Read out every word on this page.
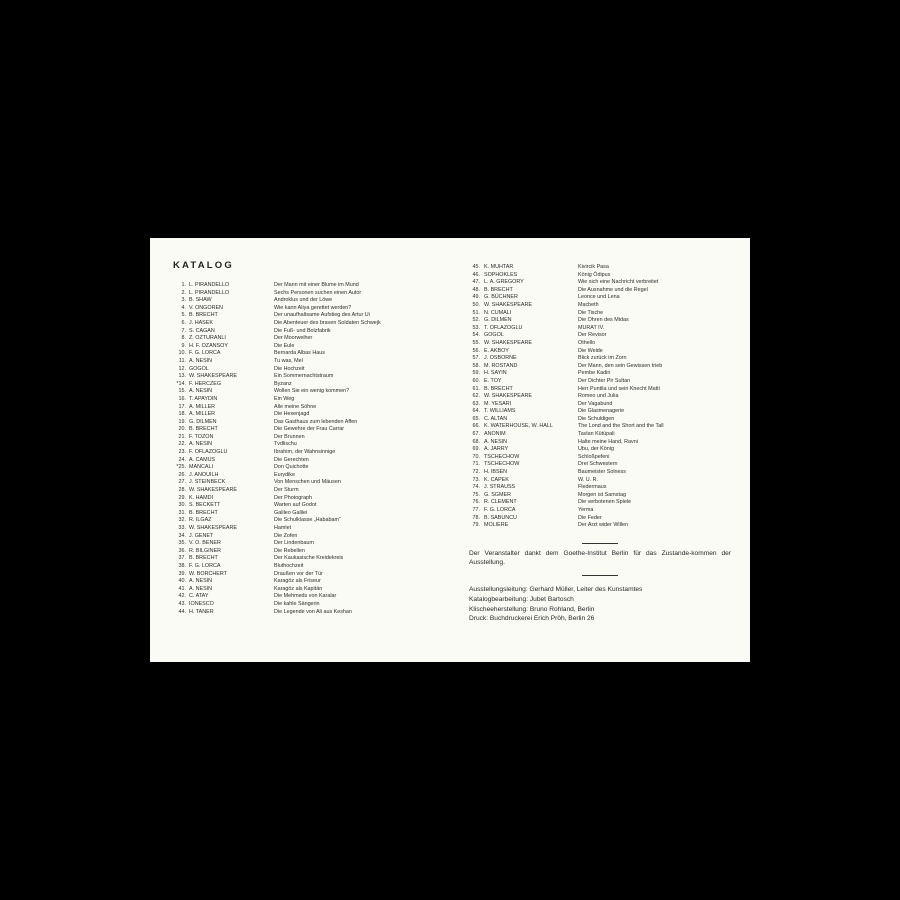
KATALOG
1. L. PIRANDELLO	Der Mann mit einer Blume im Mund
2. L. PIRANDELLO	Sechs Personen suchen einen Autor
3. B. SHAW	Androklus und der Löwe
4. V. ONGOREN	Wie kann Aliya gerettet werden?
5. B. BRECHT	Der unaufhaltsame Aufstieg des Artur Ui
6. J. HASEK	Die Abenteuer des braven Soldaten Schwejk
7. S. CAGAN	Die Fuß- und Bolzfabrik
8. Z. OZTURANLI	Der Moorweiher
9. H. F. OZANSOY	Die Eule
10. F. G. LORCA	Bernarda Albas Haus
11. A. NESIN	Tu was, Mel
12. GOGOL	Die Hochzeit
13. W. SHAKESPEARE	Ein Sommernachtstraum
*14. F. HERCZEG	Byzanz
15. A. NESIN	Wollen Sie ein wenig kommen?
16. T. APAYDIN	Ein Weg
17. A. MILLER	Alle meine Söhne
18. A. MILLER	Die Hexenjagd
19. G. DILMEN	Das Gasthaus zum lebenden Affen
20. B. BRECHT	Die Gewehre der Frau Carrar
21. F. TOZON	Der Brunnen
22. A. NESIN	Tvdlischu
23. F. OFLAZOGLU	Ibrahim, der Wahnsinnige
24. A. CAMUS	Die Gerechten
*25. MANCALI	Don Quichotte
26. J. ANOUILH	Eurydike
27. J. STEINBECK	Von Menschen und Mäusen
28. W. SHAKESPEARE	Der Sturm
29. K. HAMDI	Der Photograph
30. S. BECKETT	Warten auf Godot
31. B. BRECHT	Galileo Galilei
32. R. ILGAZ	Die Schulklasse „Hababam“
33. W. SHAKESPEARE	Hamlet
34. J. GENET	Die Zofen
35. V. O. BENER	Der Lindenbaum
36. R. BILGINER	Die Rebellen
37. B. BRECHT	Der Kaukasische Kreidekreis
38. F. G. LORCA	Bluthochzeit
39. W. BORCHERT	Draußen vor der Tür
40. A. NESIN	Karagöz als Friseur
41. A. NESIN	Karagöz als Kapitän
42. C. ATAY	Die Mehmeds von Karalar
43. IONESCO	Die kahle Sängerin
44. H. TANER	Die Legende von Ali aus Keshan
45. K. MUHTAR	Kivircik Pasa
46. SOPHOKLES	König Ödipus
47. L. A. GREGORY	Wie sich eine Nachricht verbreitet
48. B. BRECHT	Die Ausnahme und die Regel
49. G. BÜCHNER	Leonce und Lena
50. W. SHAKESPEARE	Macbeth
51. N. CUMALI	Die Tische
52. G. DILMEN	Die Ohren des Midas
53. T. OFLAZOGLU	MURAT IV.
54. GOGOL	Der Revisor
55. W. SHAKESPEARE	Othello
56. E. AKBOY	Die Weide
57. J. OSBORNE	Blick zurück im Zorn
58. M. ROSTAND	Der Mann, den sein Gewissen trieb
59. H. SAYIN	Pembe Kadin
60. E. TOY	Der Dichter Pir Sultan
61. B. BRECHT	Herr Puntila und sein Knecht Matti
62. W. SHAKESPEARE	Romeo und Julia
63. M. YESARI	Der Vagabund
64. T. WILLIAMS	Die Glasmenagerie
65. C. ALTAN	Die Schuldigen
66. K. WATERHOUSE, W. HALL	The Lond and the Short and the Tall
67. ANONIM	Tavlan Kütüpali
68. A. NESIN	Halte meine Hand, Ravni
69. A. JARRY	Ubu, der König
70. TSCHECHOW	Schloßpefeni
71. TSCHECHOW	Drei Schwestern
72. H. IBSEN	Baumeister Solness
73. K. CAPEK	W. U. R.
74. J. STRAUSS	Fledermaus
75. G. SGMER	Morgen ist Samstag
76. R. CLEMENT	Die verbotenen Spiele
77. F. G. LORCA	Yerma
78. B. SABUNCU	Die Feder
79. MOLIERE	Der Arzt wider Willen
Der Veranstalter dankt dem Goethe-Institut Berlin für das Zustande-kommen der Ausstellung.
Ausstellungsleitung: Gerhard Müller, Leiter des Kunstamtes
Katalogbearbeitung: Jubet Bartosch
Klischeeherstellung: Bruno Rohland, Berlin
Druck: Buchdruckerei Erich Pröh, Berlin 26
